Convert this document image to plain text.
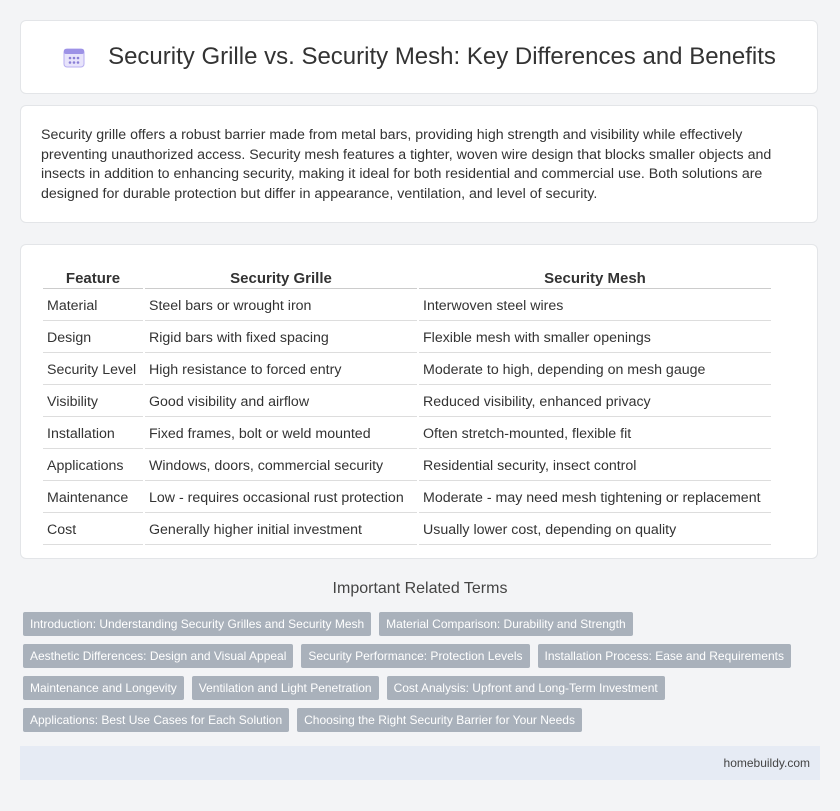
Security Grille vs. Security Mesh: Key Differences and Benefits

Security grille offers a robust barrier made from metal bars, providing high strength and visibility while effectively preventing unauthorized access. Security mesh features a tighter, woven wire design that blocks smaller objects and insects in addition to enhancing security, making it ideal for both residential and commercial use. Both solutions are designed for durable protection but differ in appearance, ventilation, and level of security.

Feature	Security Grille	Security Mesh
Material	Steel bars or wrought iron	Interwoven steel wires
Design	Rigid bars with fixed spacing	Flexible mesh with smaller openings
Security Level	High resistance to forced entry	Moderate to high, depending on mesh gauge
Visibility	Good visibility and airflow	Reduced visibility, enhanced privacy
Installation	Fixed frames, bolt or weld mounted	Often stretch-mounted, flexible fit
Applications	Windows, doors, commercial security	Residential security, insect control
Maintenance	Low - requires occasional rust protection	Moderate - may need mesh tightening or replacement
Cost	Generally higher initial investment	Usually lower cost, depending on quality
Important Related Terms
Introduction: Understanding Security Grilles and Security Mesh	Material Comparison: Durability and Strength
Aesthetic Differences: Design and Visual Appeal	Security Performance: Protection Levels	Installation Process: Ease and Requirements
Maintenance and Longevity	Ventilation and Light Penetration	Cost Analysis: Upfront and Long-Term Investment
Applications: Best Use Cases for Each Solution	Choosing the Right Security Barrier for Your Needs
homebuildy.com
